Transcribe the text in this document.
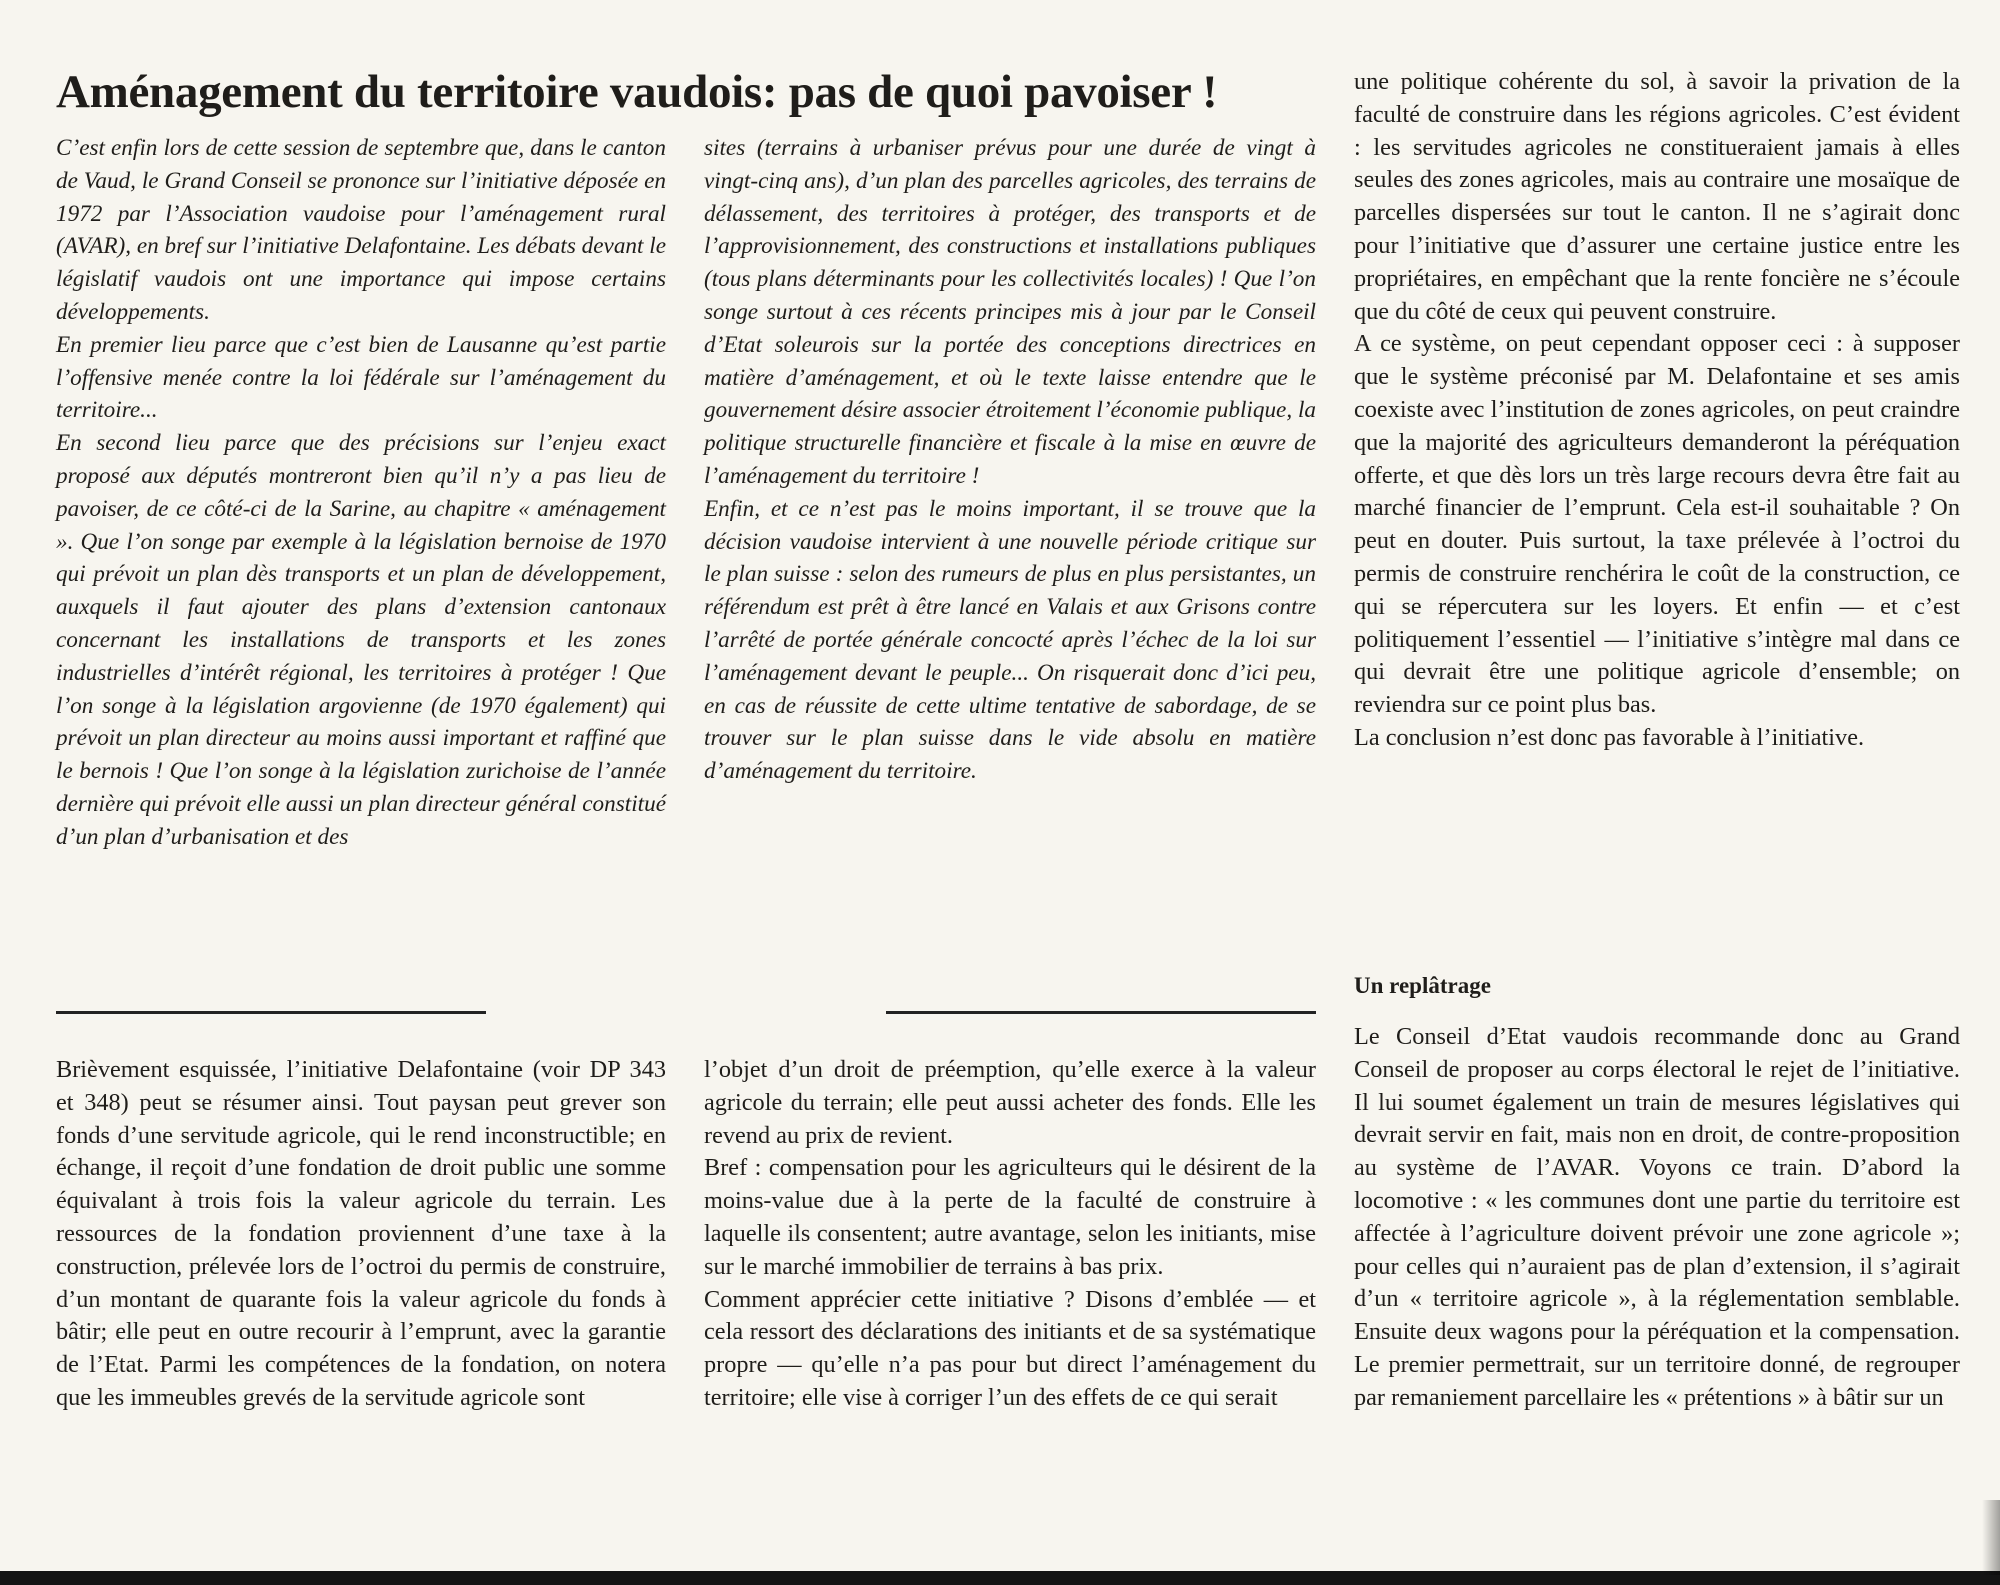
Aménagement du territoire vaudois: pas de quoi pavoiser !

C’est enfin lors de cette session de septembre que, dans le canton de Vaud, le Grand Conseil se prononce sur l’initiative déposée en 1972 par l’Association vaudoise pour l’aménagement rural (AVAR), en bref sur l’initiative Delafontaine. Les débats devant le législatif vaudois ont une importance qui impose certains développements.

En premier lieu parce que c’est bien de Lausanne qu’est partie l’offensive menée contre la loi fédérale sur l’aménagement du territoire...

En second lieu parce que des précisions sur l’enjeu exact proposé aux députés montreront bien qu’il n’y a pas lieu de pavoiser, de ce côté-ci de la Sarine, au chapitre « aménagement ». Que l’on songe par exemple à la législation bernoise de 1970 qui prévoit un plan dès transports et un plan de développement, auxquels il faut ajouter des plans d’extension cantonaux concernant les installations de transports et les zones industrielles d’intérêt régional, les territoires à protéger ! Que l’on songe à la législation argovienne (de 1970 également) qui prévoit un plan directeur au moins aussi important et raffiné que le bernois ! Que l’on songe à la législation zurichoise de l’année dernière qui prévoit elle aussi un plan directeur général constitué d’un plan d’urbanisation et des

sites (terrains à urbaniser prévus pour une durée de vingt à vingt-cinq ans), d’un plan des parcelles agricoles, des terrains de délassement, des territoires à protéger, des transports et de l’approvisionnement, des constructions et installations publiques (tous plans déterminants pour les collectivités locales) ! Que l’on songe surtout à ces récents principes mis à jour par le Conseil d’Etat soleurois sur la portée des conceptions directrices en matière d’aménagement, et où le texte laisse entendre que le gouvernement désire associer étroitement l’économie publique, la politique structurelle financière et fiscale à la mise en œuvre de l’aménagement du territoire !

Enfin, et ce n’est pas le moins important, il se trouve que la décision vaudoise intervient à une nouvelle période critique sur le plan suisse : selon des rumeurs de plus en plus persistantes, un référendum est prêt à être lancé en Valais et aux Grisons contre l’arrêté de portée générale concocté après l’échec de la loi sur l’aménagement devant le peuple... On risquerait donc d’ici peu, en cas de réussite de cette ultime tentative de sabordage, de se trouver sur le plan suisse dans le vide absolu en matière d’aménagement du territoire.

une politique cohérente du sol, à savoir la privation de la faculté de construire dans les régions agricoles. C’est évident : les servitudes agricoles ne constitueraient jamais à elles seules des zones agricoles, mais au contraire une mosaïque de parcelles dispersées sur tout le canton. Il ne s’agirait donc pour l’initiative que d’assurer une certaine justice entre les propriétaires, en empêchant que la rente foncière ne s’écoule que du côté de ceux qui peuvent construire.

A ce système, on peut cependant opposer ceci : à supposer que le système préconisé par M. Delafontaine et ses amis coexiste avec l’institution de zones agricoles, on peut craindre que la majorité des agriculteurs demanderont la péréquation offerte, et que dès lors un très large recours devra être fait au marché financier de l’emprunt. Cela est-il souhaitable ? On peut en douter. Puis surtout, la taxe prélevée à l’octroi du permis de construire renchérira le coût de la construction, ce qui se répercutera sur les loyers. Et enfin — et c’est politiquement l’essentiel — l’initiative s’intègre mal dans ce qui devrait être une politique agricole d’ensemble; on reviendra sur ce point plus bas.

La conclusion n’est donc pas favorable à l’initiative.

Un replâtrage

Le Conseil d’Etat vaudois recommande donc au Grand Conseil de proposer au corps électoral le rejet de l’initiative. Il lui soumet également un train de mesures législatives qui devrait servir en fait, mais non en droit, de contre-proposition au système de l’AVAR. Voyons ce train. D’abord la locomotive : « les communes dont une partie du territoire est affectée à l’agriculture doivent prévoir une zone agricole »; pour celles qui n’auraient pas de plan d’extension, il s’agirait d’un « territoire agricole », à la réglementation semblable. Ensuite deux wagons pour la péréquation et la compensation. Le premier permettrait, sur un territoire donné, de regrouper par remaniement parcellaire les « prétentions » à bâtir sur un

Brièvement esquissée, l’initiative Delafontaine (voir DP 343 et 348) peut se résumer ainsi. Tout paysan peut grever son fonds d’une servitude agricole, qui le rend inconstructible; en échange, il reçoit d’une fondation de droit public une somme équivalant à trois fois la valeur agricole du terrain. Les ressources de la fondation proviennent d’une taxe à la construction, prélevée lors de l’octroi du permis de construire, d’un montant de quarante fois la valeur agricole du fonds à bâtir; elle peut en outre recourir à l’emprunt, avec la garantie de l’Etat. Parmi les compétences de la fondation, on notera que les immeubles grevés de la servitude agricole sont

l’objet d’un droit de préemption, qu’elle exerce à la valeur agricole du terrain; elle peut aussi acheter des fonds. Elle les revend au prix de revient.

Bref : compensation pour les agriculteurs qui le désirent de la moins-value due à la perte de la faculté de construire à laquelle ils consentent; autre avantage, selon les initiants, mise sur le marché immobilier de terrains à bas prix.

Comment apprécier cette initiative ? Disons d’emblée — et cela ressort des déclarations des initiants et de sa systématique propre — qu’elle n’a pas pour but direct l’aménagement du territoire; elle vise à corriger l’un des effets de ce qui serait
